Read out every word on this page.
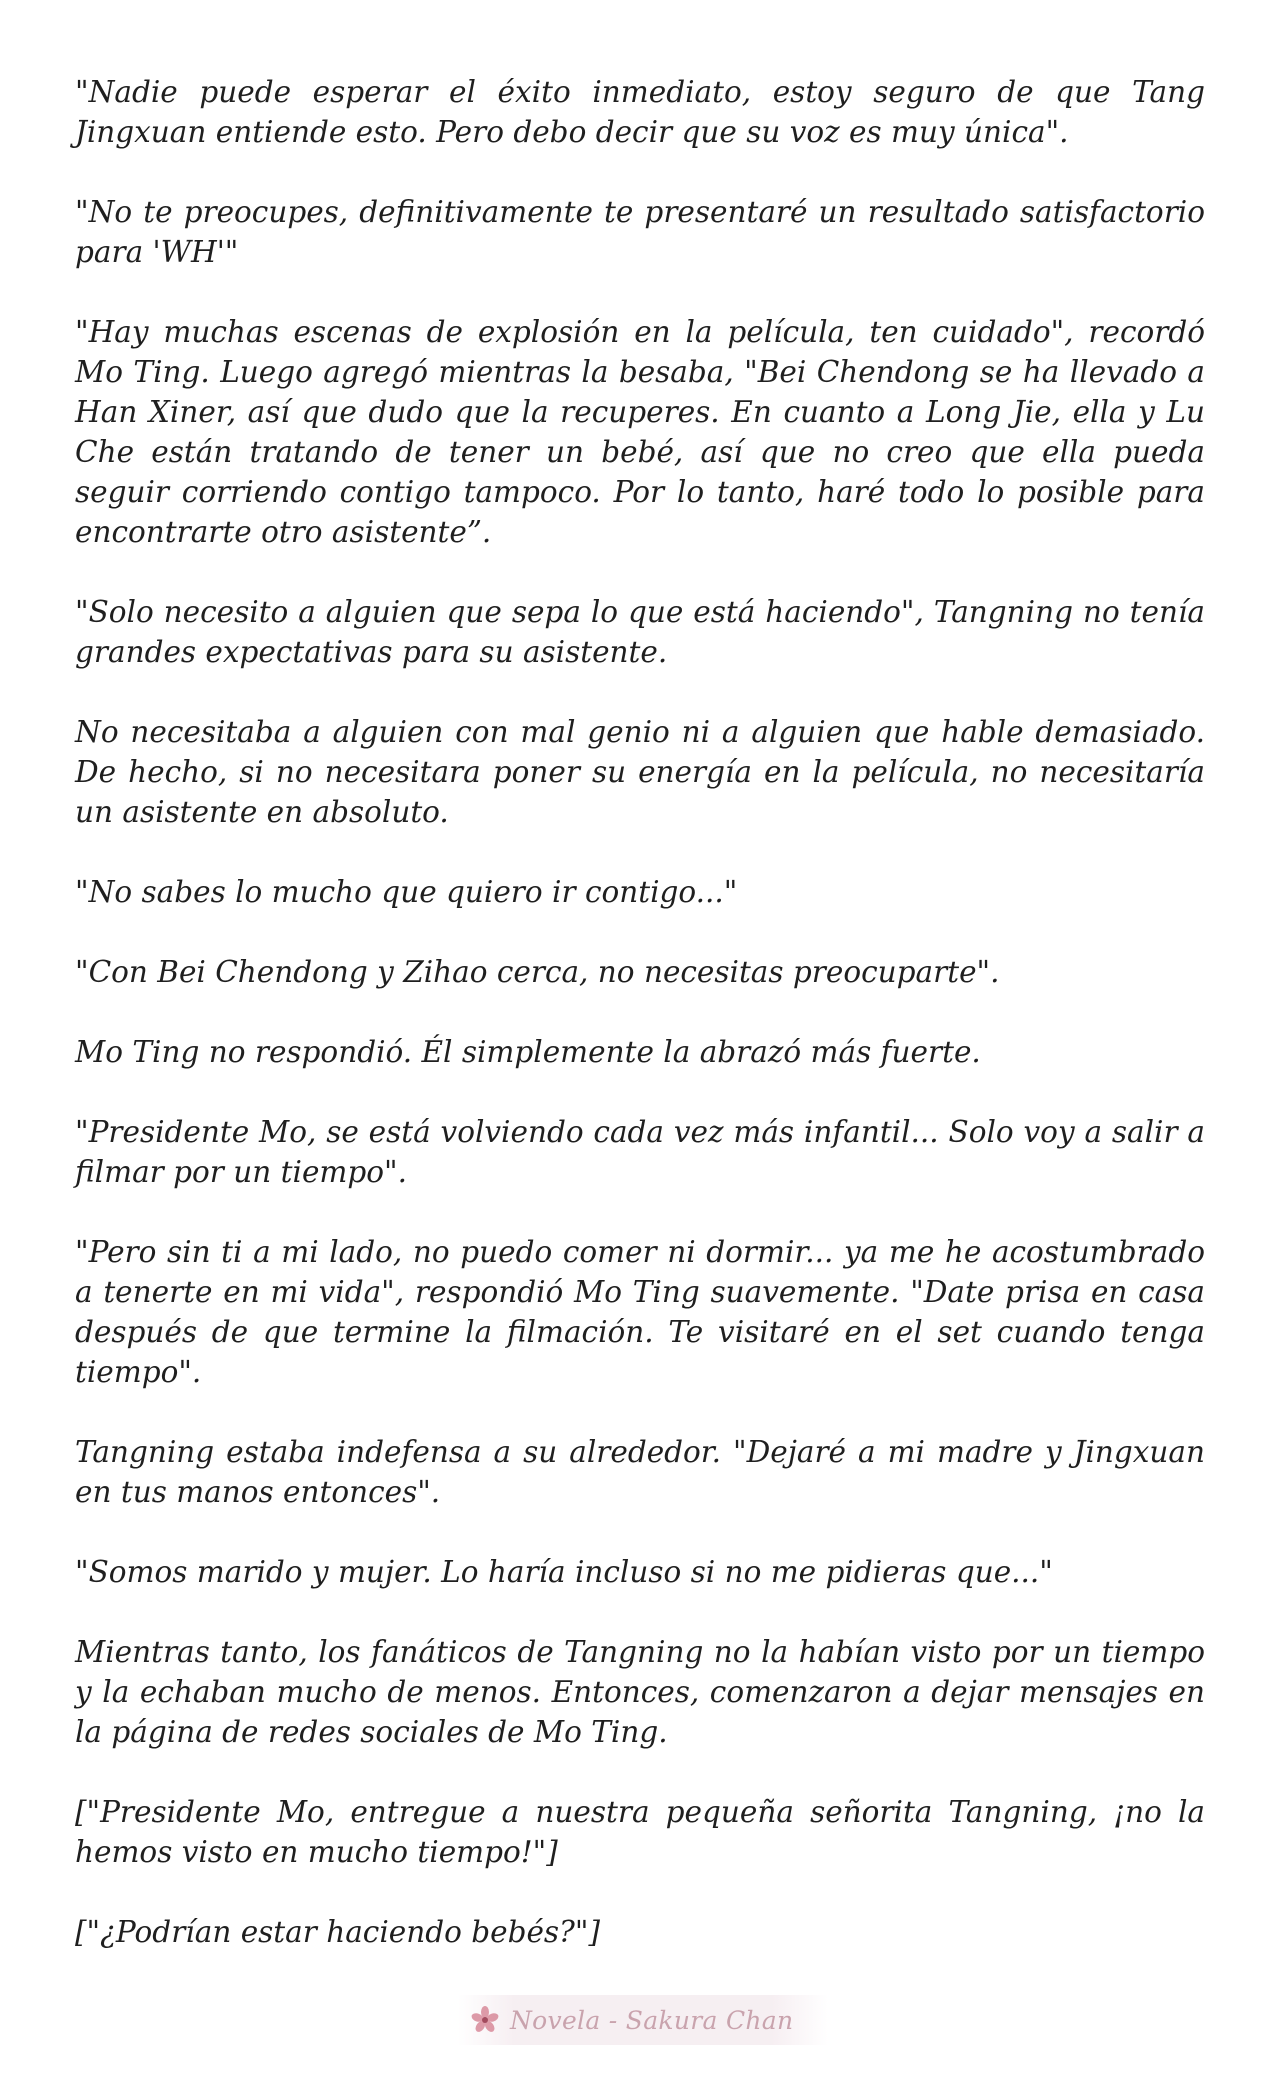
"Nadie puede esperar el éxito inmediato, estoy seguro de que Tang Jingxuan entiende esto. Pero debo decir que su voz es muy única".

"No te preocupes, definitivamente te presentaré un resultado satisfactorio para 'WH'"

"Hay muchas escenas de explosión en la película, ten cuidado", recordó Mo Ting. Luego agregó mientras la besaba, "Bei Chendong se ha llevado a Han Xiner, así que dudo que la recuperes. En cuanto a Long Jie, ella y Lu Che están tratando de tener un bebé, así que no creo que ella pueda seguir corriendo contigo tampoco. Por lo tanto, haré todo lo posible para encontrarte otro asistente”.

"Solo necesito a alguien que sepa lo que está haciendo", Tangning no tenía grandes expectativas para su asistente.

No necesitaba a alguien con mal genio ni a alguien que hable demasiado. De hecho, si no necesitara poner su energía en la película, no necesitaría un asistente en absoluto.

"No sabes lo mucho que quiero ir contigo..."

"Con Bei Chendong y Zihao cerca, no necesitas preocuparte".

Mo Ting no respondió. Él simplemente la abrazó más fuerte.

"Presidente Mo, se está volviendo cada vez más infantil... Solo voy a salir a filmar por un tiempo".

"Pero sin ti a mi lado, no puedo comer ni dormir... ya me he acostumbrado a tenerte en mi vida", respondió Mo Ting suavemente. "Date prisa en casa después de que termine la filmación. Te visitaré en el set cuando tenga tiempo".

Tangning estaba indefensa a su alrededor. "Dejaré a mi madre y Jingxuan en tus manos entonces".

"Somos marido y mujer. Lo haría incluso si no me pidieras que..."

Mientras tanto, los fanáticos de Tangning no la habían visto por un tiempo y la echaban mucho de menos. Entonces, comenzaron a dejar mensajes en la página de redes sociales de Mo Ting.

["Presidente Mo, entregue a nuestra pequeña señorita Tangning, ¡no la hemos visto en mucho tiempo!"]

["¿Podrían estar haciendo bebés?"]

Novela - Sakura Chan
